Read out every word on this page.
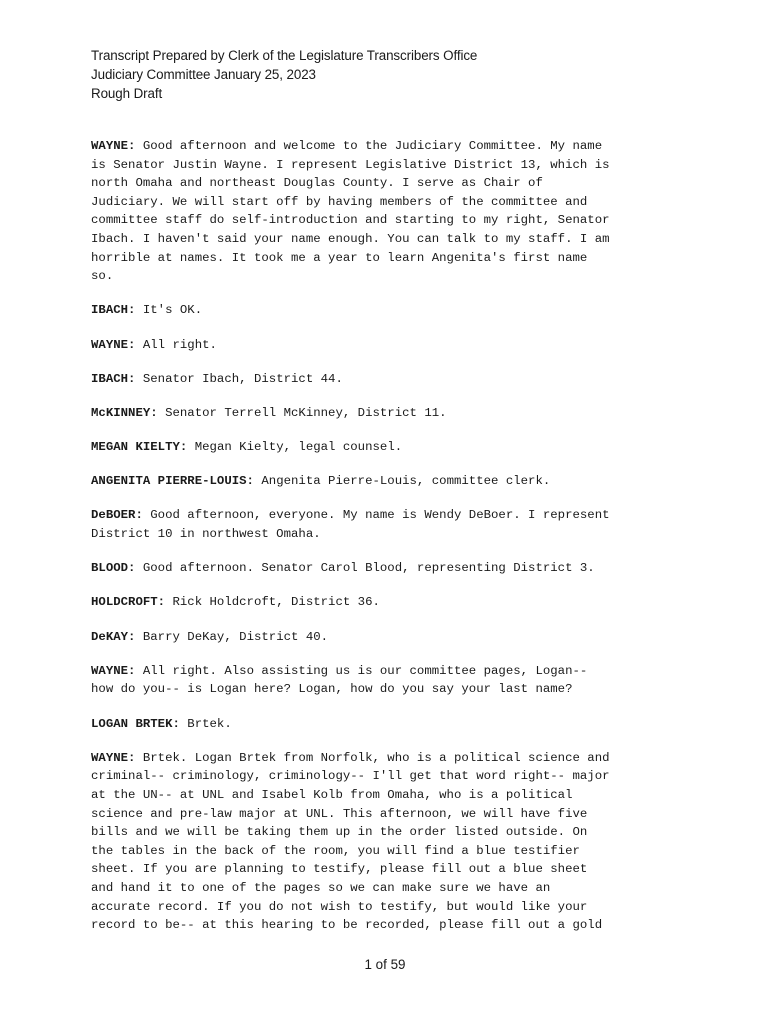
Transcript Prepared by Clerk of the Legislature Transcribers Office
Judiciary Committee January 25, 2023
Rough Draft
WAYNE: Good afternoon and welcome to the Judiciary Committee. My name
is Senator Justin Wayne. I represent Legislative District 13, which is
north Omaha and northeast Douglas County. I serve as Chair of
Judiciary. We will start off by having members of the committee and
committee staff do self-introduction and starting to my right, Senator
Ibach. I haven't said your name enough. You can talk to my staff. I am
horrible at names. It took me a year to learn Angenita's first name
so.
IBACH: It's OK.
WAYNE: All right.
IBACH: Senator Ibach, District 44.
McKINNEY: Senator Terrell McKinney, District 11.
MEGAN KIELTY: Megan Kielty, legal counsel.
ANGENITA PIERRE-LOUIS: Angenita Pierre-Louis, committee clerk.
DeBOER: Good afternoon, everyone. My name is Wendy DeBoer. I represent
District 10 in northwest Omaha.
BLOOD: Good afternoon. Senator Carol Blood, representing District 3.
HOLDCROFT: Rick Holdcroft, District 36.
DeKAY: Barry DeKay, District 40.
WAYNE: All right. Also assisting us is our committee pages, Logan--
how do you-- is Logan here? Logan, how do you say your last name?
LOGAN BRTEK: Brtek.
WAYNE: Brtek. Logan Brtek from Norfolk, who is a political science and
criminal-- criminology, criminology-- I'll get that word right-- major
at the UN-- at UNL and Isabel Kolb from Omaha, who is a political
science and pre-law major at UNL. This afternoon, we will have five
bills and we will be taking them up in the order listed outside. On
the tables in the back of the room, you will find a blue testifier
sheet. If you are planning to testify, please fill out a blue sheet
and hand it to one of the pages so we can make sure we have an
accurate record. If you do not wish to testify, but would like your
record to be-- at this hearing to be recorded, please fill out a gold
1 of 59
